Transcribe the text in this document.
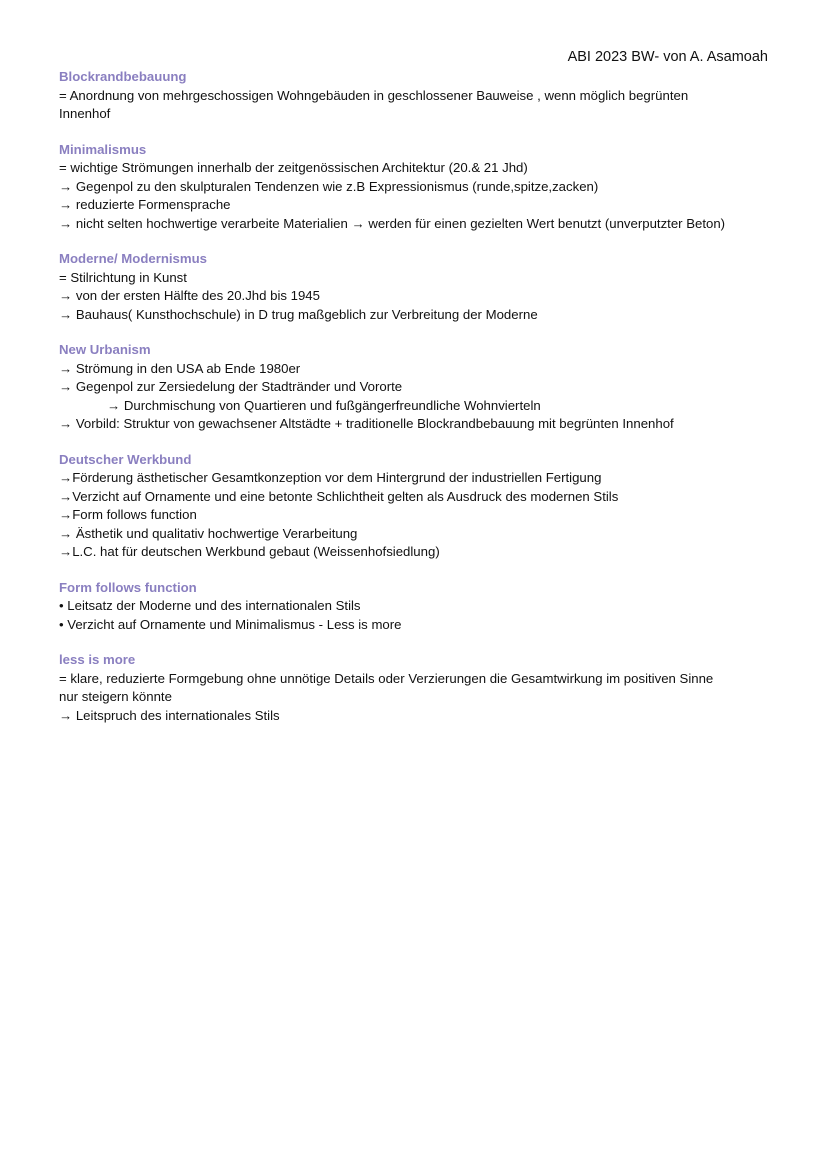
ABI 2023 BW- von A. Asamoah
Blockrandbebauung
= Anordnung von mehrgeschossigen Wohngebäuden in geschlossener Bauweise , wenn möglich begrünten
Innenhof
Minimalismus
= wichtige Strömungen innerhalb der zeitgenössischen Architektur (20.& 21 Jhd)
→ Gegenpol zu den skulpturalen Tendenzen wie z.B Expressionismus (runde,spitze,zacken)
→ reduzierte Formensprache
→ nicht selten hochwertige verarbeite Materialien → werden für einen gezielten Wert benutzt (unverputzter Beton)
Moderne/ Modernismus
= Stilrichtung in Kunst
→ von der ersten Hälfte des 20.Jhd bis 1945
→ Bauhaus( Kunsthochschule) in D trug maßgeblich zur Verbreitung der Moderne
New Urbanism
→ Strömung in den USA ab Ende 1980er
→ Gegenpol zur Zersiedelung der Stadtränder und Vororte
→ Durchmischung von Quartieren und fußgängerfreundliche Wohnvierteln
→ Vorbild: Struktur von gewachsener Altstädte + traditionelle Blockrandbebauung mit begrünten Innenhof
Deutscher Werkbund
→Förderung ästhetischer Gesamtkonzeption vor dem Hintergrund der industriellen Fertigung
→Verzicht auf Ornamente und eine betonte Schlichtheit gelten als Ausdruck des modernen Stils
→Form follows function
→ Ästhetik und qualitativ hochwertige Verarbeitung
→L.C. hat für deutschen Werkbund gebaut (Weissenhofsiedlung)
Form follows function
• Leitsatz der Moderne und des internationalen Stils
• Verzicht auf Ornamente und Minimalismus - Less is more
less is more
= klare, reduzierte Formgebung ohne unnötige Details oder Verzierungen die Gesamtwirkung im positiven Sinne
nur steigern könnte
→ Leitspruch des internationales Stils
